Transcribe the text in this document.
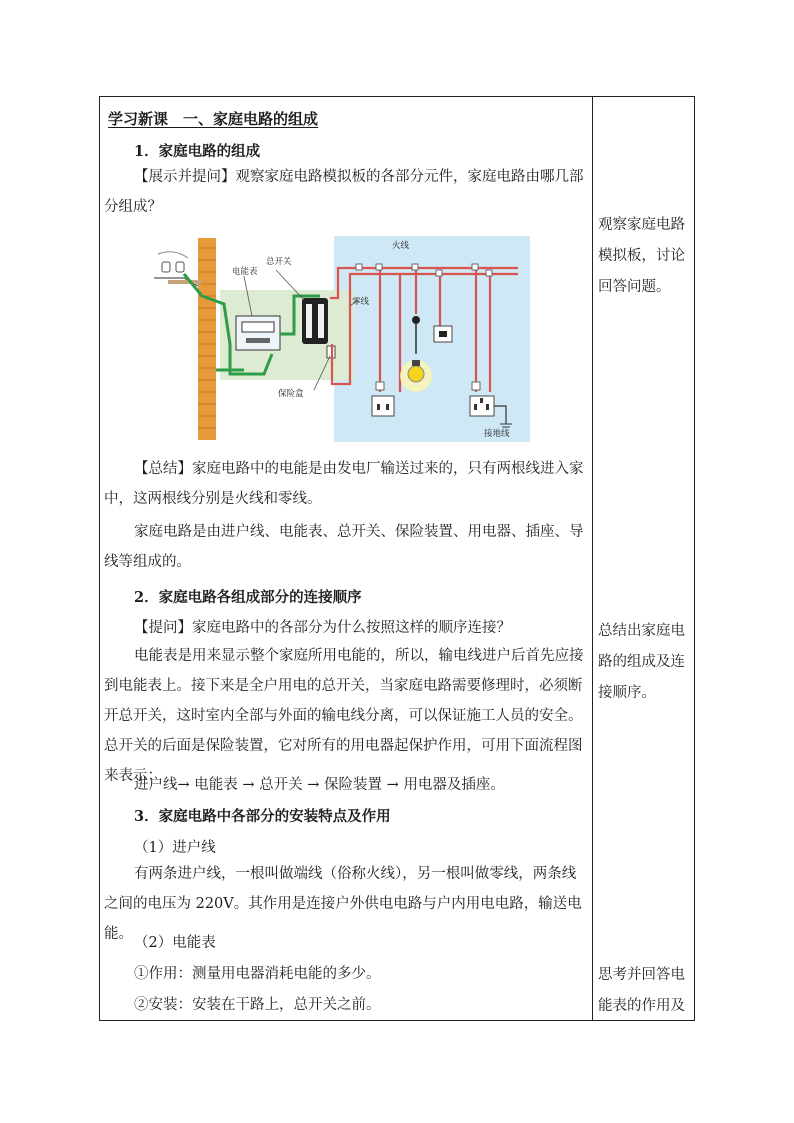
学习新课　一、家庭电路的组成
1．家庭电路的组成
【展示并提问】观察家庭电路模拟板的各部分元件，家庭电路由哪几部分组成？
总开关
电能表
火线
零线
保险盒
接地线
【总结】家庭电路中的电能是由发电厂输送过来的，只有两根线进入家中，这两根线分别是火线和零线。
家庭电路是由进户线、电能表、总开关、保险装置、用电器、插座、导线等组成的。
2．家庭电路各组成部分的连接顺序
【提问】家庭电路中的各部分为什么按照这样的顺序连接？
电能表是用来显示整个家庭所用电能的，所以，输电线进户后首先应接到电能表上。接下来是全户用电的总开关，当家庭电路需要修理时，必须断开总开关，这时室内全部与外面的输电线分离，可以保证施工人员的安全。总开关的后面是保险装置，它对所有的用电器起保护作用，可用下面流程图来表示：
进户线→ 电能表 → 总开关 → 保险装置 → 用电器及插座。
3．家庭电路中各部分的安装特点及作用
（1）进户线
有两条进户线，一根叫做端线（俗称火线），另一根叫做零线，两条线之间的电压为 220V。其作用是连接户外供电电路与户内用电电路，输送电能。
（2）电能表
①作用：测量用电器消耗电能的多少。
②安装：安装在干路上，总开关之前。
观察家庭电路模拟板，讨论回答问题。
总结出家庭电路的组成及连接顺序。
思考并回答电能表的作用及
